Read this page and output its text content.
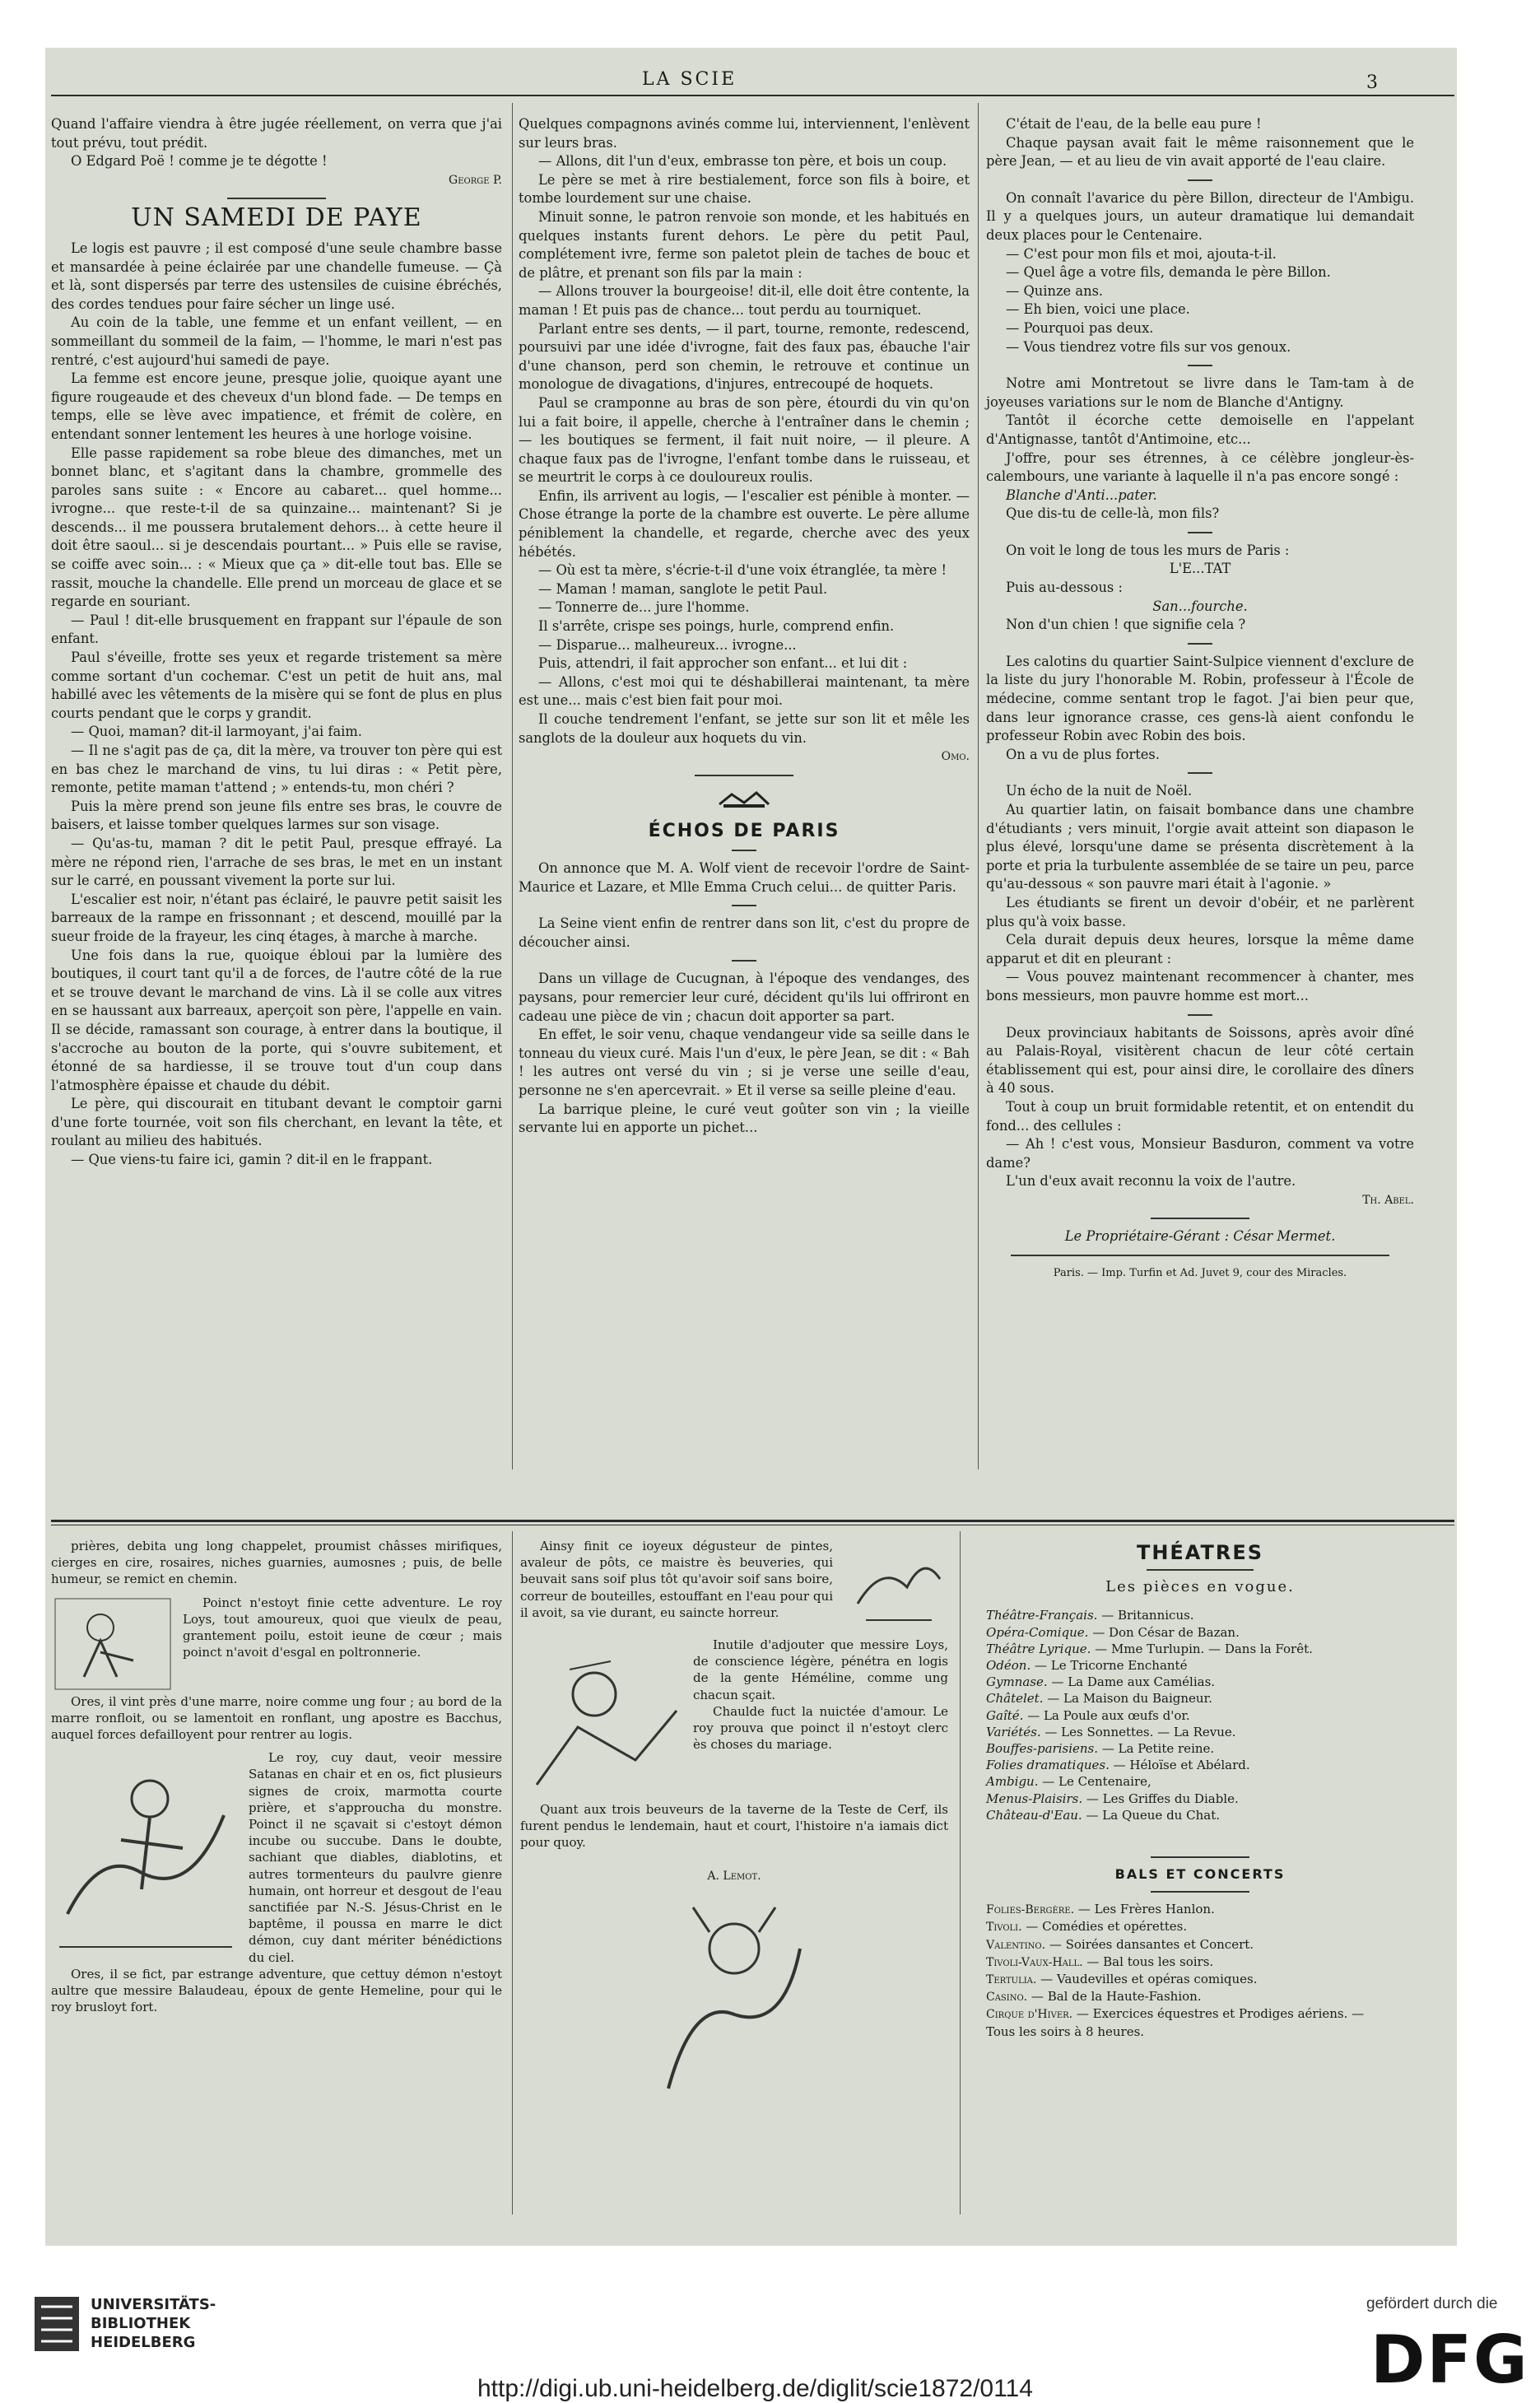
LA SCIE	3

Quand l'affaire viendra à être jugée réellement, on verra que j'ai tout prévu, tout prédit.

O Edgard Poë ! comme je te dégotte !

George P.

UN SAMEDI DE PAYE

Le logis est pauvre ; il est composé d'une seule chambre basse et mansardée à peine éclairée par une chandelle fumeuse. — Çà et là, sont dispersés par terre des ustensiles de cuisine ébréchés, des cordes tendues pour faire sécher un linge usé.

Au coin de la table, une femme et un enfant veillent, — en sommeillant du sommeil de la faim, — l'homme, le mari n'est pas rentré, c'est aujourd'hui samedi de paye.

La femme est encore jeune, presque jolie, quoique ayant une figure rougeaude et des cheveux d'un blond fade. — De temps en temps, elle se lève avec impatience, et frémit de colère, en entendant sonner lentement les heures à une horloge voisine.

Elle passe rapidement sa robe bleue des dimanches, met un bonnet blanc, et s'agitant dans la chambre, grommelle des paroles sans suite : « Encore au cabaret... quel homme... ivrogne... que reste-t-il de sa quinzaine... maintenant? Si je descends... il me poussera brutalement dehors... à cette heure il doit être saoul... si je descendais pourtant... » Puis elle se ravise, se coiffe avec soin... : « Mieux que ça » dit-elle tout bas. Elle se rassit, mouche la chandelle. Elle prend un morceau de glace et se regarde en souriant.

— Paul ! dit-elle brusquement en frappant sur l'épaule de son enfant.

Paul s'éveille, frotte ses yeux et regarde tristement sa mère comme sortant d'un cochemar. C'est un petit de huit ans, mal habillé avec les vêtements de la misère qui se font de plus en plus courts pendant que le corps y grandit.

— Quoi, maman? dit-il larmoyant, j'ai faim.

— Il ne s'agit pas de ça, dit la mère, va trouver ton père qui est en bas chez le marchand de vins, tu lui diras : « Petit père, remonte, petite maman t'attend ; » entends-tu, mon chéri ?

Puis la mère prend son jeune fils entre ses bras, le couvre de baisers, et laisse tomber quelques larmes sur son visage.

— Qu'as-tu, maman ? dit le petit Paul, presque effrayé. La mère ne répond rien, l'arrache de ses bras, le met en un instant sur le carré, en poussant vivement la porte sur lui.

L'escalier est noir, n'étant pas éclairé, le pauvre petit saisit les barreaux de la rampe en frissonnant ; et descend, mouillé par la sueur froide de la frayeur, les cinq étages, à marche à marche.

Une fois dans la rue, quoique ébloui par la lumière des boutiques, il court tant qu'il a de forces, de l'autre côté de la rue et se trouve devant le marchand de vins. Là il se colle aux vitres en se haussant aux barreaux, aperçoit son père, l'appelle en vain. Il se décide, ramassant son courage, à entrer dans la boutique, il s'accroche au bouton de la porte, qui s'ouvre subitement, et étonné de sa hardiesse, il se trouve tout d'un coup dans l'atmosphère épaisse et chaude du débit.

Le père, qui discourait en titubant devant le comptoir garni d'une forte tournée, voit son fils cherchant, en levant la tête, et roulant au milieu des habitués.

— Que viens-tu faire ici, gamin ? dit-il en le frappant.

Quelques compagnons avinés comme lui, interviennent, l'enlèvent sur leurs bras.

— Allons, dit l'un d'eux, embrasse ton père, et bois un coup.

Le père se met à rire bestialement, force son fils à boire, et tombe lourdement sur une chaise.

Minuit sonne, le patron renvoie son monde, et les habitués en quelques instants furent dehors. Le père du petit Paul, complétement ivre, ferme son paletot plein de taches de bouc et de plâtre, et prenant son fils par la main :

— Allons trouver la bourgeoise! dit-il, elle doit être contente, la maman ! Et puis pas de chance... tout perdu au tourniquet.

Parlant entre ses dents, — il part, tourne, remonte, redescend, poursuivi par une idée d'ivrogne, fait des faux pas, ébauche l'air d'une chanson, perd son chemin, le retrouve et continue un monologue de divagations, d'injures, entrecoupé de hoquets.

Paul se cramponne au bras de son père, étourdi du vin qu'on lui a fait boire, il appelle, cherche à l'entraîner dans le chemin ; — les boutiques se ferment, il fait nuit noire, — il pleure. A chaque faux pas de l'ivrogne, l'enfant tombe dans le ruisseau, et se meurtrit le corps à ce douloureux roulis.

Enfin, ils arrivent au logis, — l'escalier est pénible à monter. — Chose étrange la porte de la chambre est ouverte. Le père allume péniblement la chandelle, et regarde, cherche avec des yeux hébétés.

— Où est ta mère, s'écrie-t-il d'une voix étranglée, ta mère !

— Maman ! maman, sanglote le petit Paul.

— Tonnerre de... jure l'homme.

Il s'arrête, crispe ses poings, hurle, comprend enfin.

— Disparue... malheureux... ivrogne...

Puis, attendri, il fait approcher son enfant... et lui dit :

— Allons, c'est moi qui te déshabillerai maintenant, ta mère est une... mais c'est bien fait pour moi.

Il couche tendrement l'enfant, se jette sur son lit et mêle les sanglots de la douleur aux hoquets du vin.

Omo.

ÉCHOS DE PARIS

On annonce que M. A. Wolf vient de recevoir l'ordre de Saint-Maurice et Lazare, et Mlle Emma Cruch celui... de quitter Paris.

La Seine vient enfin de rentrer dans son lit, c'est du propre de découcher ainsi.

Dans un village de Cucugnan, à l'époque des vendanges, des paysans, pour remercier leur curé, décident qu'ils lui offriront en cadeau une pièce de vin ; chacun doit apporter sa part.

En effet, le soir venu, chaque vendangeur vide sa seille dans le tonneau du vieux curé. Mais l'un d'eux, le père Jean, se dit : « Bah ! les autres ont versé du vin ; si je verse une seille d'eau, personne ne s'en apercevrait. » Et il verse sa seille pleine d'eau.

La barrique pleine, le curé veut goûter son vin ; la vieille servante lui en apporte un pichet...

C'était de l'eau, de la belle eau pure !

Chaque paysan avait fait le même raisonnement que le père Jean, — et au lieu de vin avait apporté de l'eau claire.

On connaît l'avarice du père Billon, directeur de l'Ambigu. Il y a quelques jours, un auteur dramatique lui demandait deux places pour le Centenaire.

— C'est pour mon fils et moi, ajouta-t-il.

— Quel âge a votre fils, demanda le père Billon.

— Quinze ans.

— Eh bien, voici une place.

— Pourquoi pas deux.

— Vous tiendrez votre fils sur vos genoux.

Notre ami Montretout se livre dans le Tam-tam à de joyeuses variations sur le nom de Blanche d'Antigny.

Tantôt il écorche cette demoiselle en l'appelant d'Antignasse, tantôt d'Antimoine, etc...

J'offre, pour ses étrennes, à ce célèbre jongleur-ès-calembours, une variante à laquelle il n'a pas encore songé :

Blanche d'Anti...pater.

Que dis-tu de celle-là, mon fils?

On voit le long de tous les murs de Paris :

L'E...TAT

Puis au-dessous :

San...fourche.

Non d'un chien ! que signifie cela ?

Les calotins du quartier Saint-Sulpice viennent d'exclure de la liste du jury l'honorable M. Robin, professeur à l'École de médecine, comme sentant trop le fagot. J'ai bien peur que, dans leur ignorance crasse, ces gens-là aient confondu le professeur Robin avec Robin des bois.

On a vu de plus fortes.

Un écho de la nuit de Noël.

Au quartier latin, on faisait bombance dans une chambre d'étudiants ; vers minuit, l'orgie avait atteint son diapason le plus élevé, lorsqu'une dame se présenta discrètement à la porte et pria la turbulente assemblée de se taire un peu, parce qu'au-dessous « son pauvre mari était à l'agonie. »

Les étudiants se firent un devoir d'obéir, et ne parlèrent plus qu'à voix basse.

Cela durait depuis deux heures, lorsque la même dame apparut et dit en pleurant :

— Vous pouvez maintenant recommencer à chanter, mes bons messieurs, mon pauvre homme est mort...

Deux provinciaux habitants de Soissons, après avoir dîné au Palais-Royal, visitèrent chacun de leur côté certain établissement qui est, pour ainsi dire, le corollaire des dîners à 40 sous.

Tout à coup un bruit formidable retentit, et on entendit du fond... des cellules :

— Ah ! c'est vous, Monsieur Basduron, comment va votre dame?

L'un d'eux avait reconnu la voix de l'autre.

Th. Abel.

Le Propriétaire-Gérant : César Mermet.

Paris. — Imp. Turfin et Ad. Juvet 9, cour des Miracles.

prières, debita ung long chappelet, proumist châsses mirifiques, cierges en cire, rosaires, niches guarnies, aumosnes ; puis, de belle humeur, se remict en chemin.

Poinct n'estoyt finie cette adventure. Le roy Loys, tout amoureux, quoi que vieulx de peau, grantement poilu, estoit ieune de cœur ; mais poinct n'avoit d'esgal en poltronnerie.

Ores, il vint près d'une marre, noire comme ung four ; au bord de la marre ronfloit, ou se lamentoit en ronflant, ung apostre es Bacchus, auquel forces defailloyent pour rentrer au logis.

Le roy, cuy daut, veoir messire Satanas en chair et en os, fict plusieurs signes de croix, marmotta courte prière, et s'approucha du monstre. Poinct il ne sçavait si c'estoyt démon incube ou succube. Dans le doubte, sachiant que diables, diablotins, et autres tormenteurs du paulvre gienre humain, ont horreur et desgout de l'eau sanctifiée par N.-S. Jésus-Christ en le baptême, il poussa en marre le dict démon, cuy dant mériter bénédictions du ciel.

Ores, il se fict, par estrange adventure, que cettuy démon n'estoyt aultre que messire Balaudeau, époux de gente Hemeline, pour qui le roy brusloyt fort.

Ainsy finit ce ioyeux dégusteur de pintes, avaleur de pôts, ce maistre ès beuveries, qui beuvait sans soif plus tôt qu'avoir soif sans boire, correur de bouteilles, estouffant en l'eau pour qui il avoit, sa vie durant, eu saincte horreur.

Inutile d'adjouter que messire Loys, de conscience légère, pénétra en logis de la gente Héméline, comme ung chacun sçait.

Chaulde fuct la nuictée d'amour. Le roy prouva que poinct il n'estoyt clerc ès choses du mariage.

Quant aux trois beuveurs de la taverne de la Teste de Cerf, ils furent pendus le lendemain, haut et court, l'histoire n'a iamais dict pour quoy.

A. Lemot.

THÉATRES
Les pièces en vogue.
Théâtre-Français. — Britannicus.
Opéra-Comique. — Don César de Bazan.
Théâtre Lyrique. — Mme Turlupin. — Dans la Forêt.
Odéon. — Le Tricorne Enchanté
Gymnase. — La Dame aux Camélias.
Châtelet. — La Maison du Baigneur.
Gaîté. — La Poule aux œufs d'or.
Variétés. — Les Sonnettes. — La Revue.
Bouffes-parisiens. — La Petite reine.
Folies dramatiques. — Héloïse et Abélard.
Ambigu. — Le Centenaire,
Menus-Plaisirs. — Les Griffes du Diable.
Château-d'Eau. — La Queue du Chat.
BALS ET CONCERTS
Folies-Bergère. — Les Frères Hanlon.
Tivoli. — Comédies et opérettes.
Valentino. — Soirées dansantes et Concert.
Tivoli-Vaux-Hall. — Bal tous les soirs.
Tertulia. — Vaudevilles et opéras comiques.
Casino. — Bal de la Haute-Fashion.
Cirque d'Hiver. — Exercices équestres et Prodiges aériens. —
Tous les soirs à 8 heures.
UNIVERSITÄTS-
BIBLIOTHEK
HEIDELBERG
http://digi.ub.uni-heidelberg.de/diglit/scie1872/0114
gefördert durch die
DFG
